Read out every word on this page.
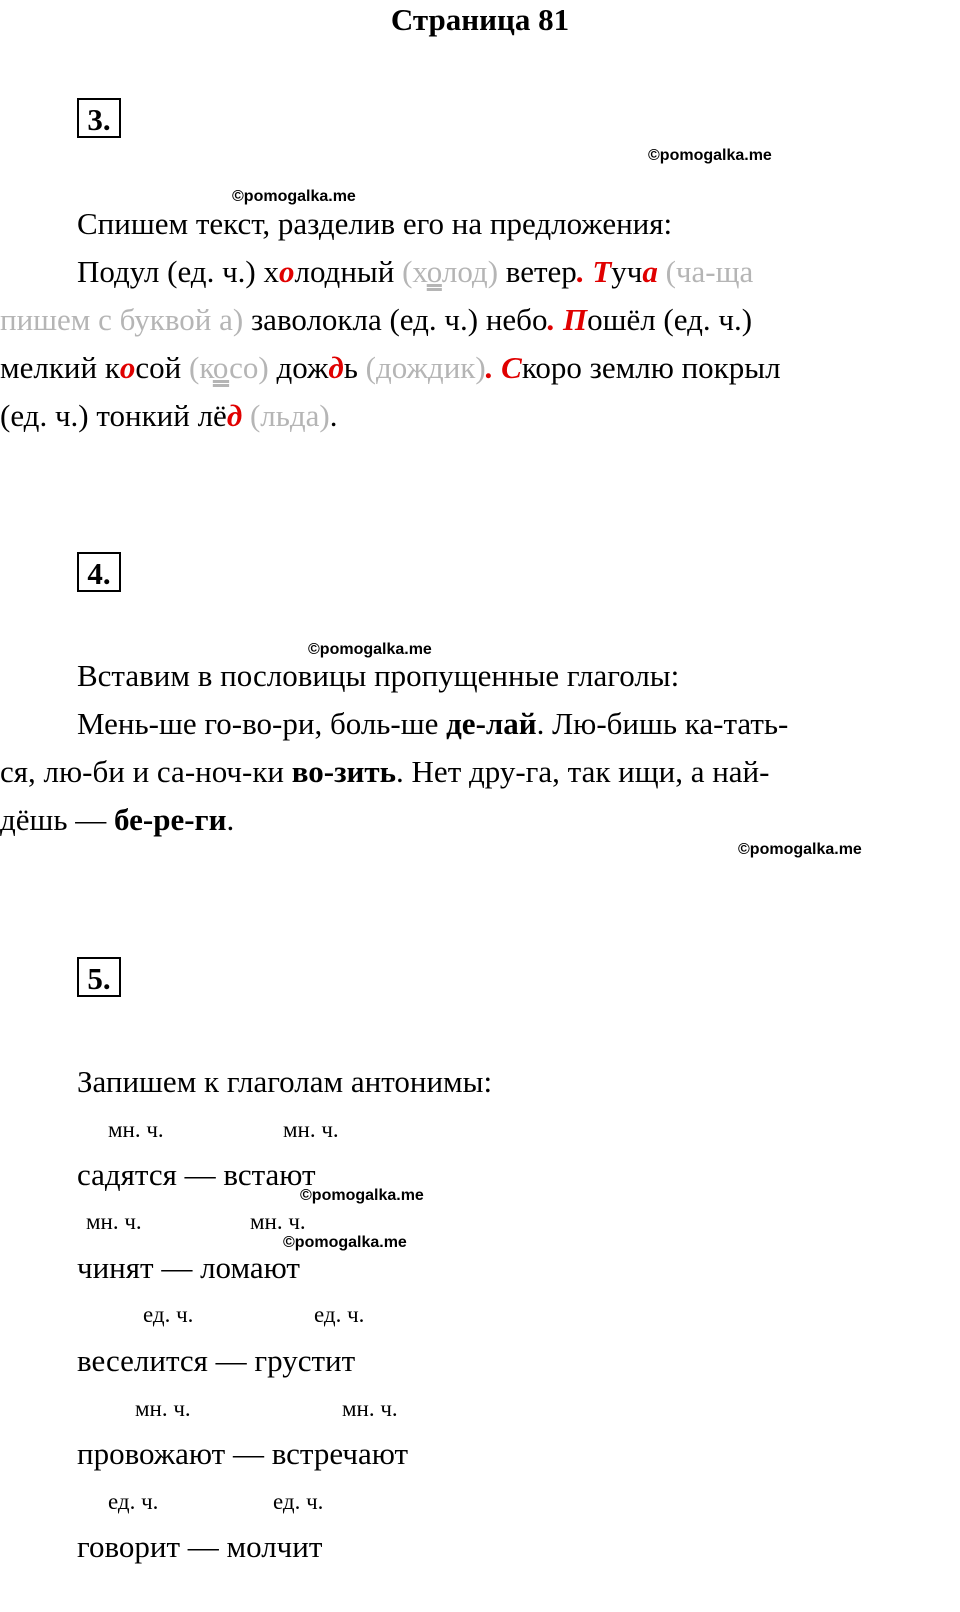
Страница 81
3.
©pomogalka.me
©pomogalka.me
Спишем текст, разделив его на предложения:
Подул (ед. ч.) холодный (холод) ветер. Туча (ча-ща
пишем с буквой а) заволокла (ед. ч.) небо. Пошёл (ед. ч.)
мелкий косой (косо) дождь (дождик). Скоро землю покрыл
(ед. ч.) тонкий лёд (льда).
4.
©pomogalka.me
Вставим в пословицы пропущенные глаголы:
Мень-ше го-во-ри, боль-ше де-лай. Лю-бишь ка-тать-
ся, лю-би и са-ноч-ки во-зить. Нет дру-га, так ищи, а най-
дёшь — бе-ре-ги.
©pomogalka.me
5.
Запишем к глаголам антонимы:
мн. ч.	мн. ч.
садятся — встают
©pomogalka.me
мн. ч.	мн. ч.
©pomogalka.me
чинят — ломают
ед. ч.	ед. ч.
веселится — грустит
мн. ч.	мн. ч.
провожают — встречают
ед. ч.	ед. ч.
говорит — молчит
